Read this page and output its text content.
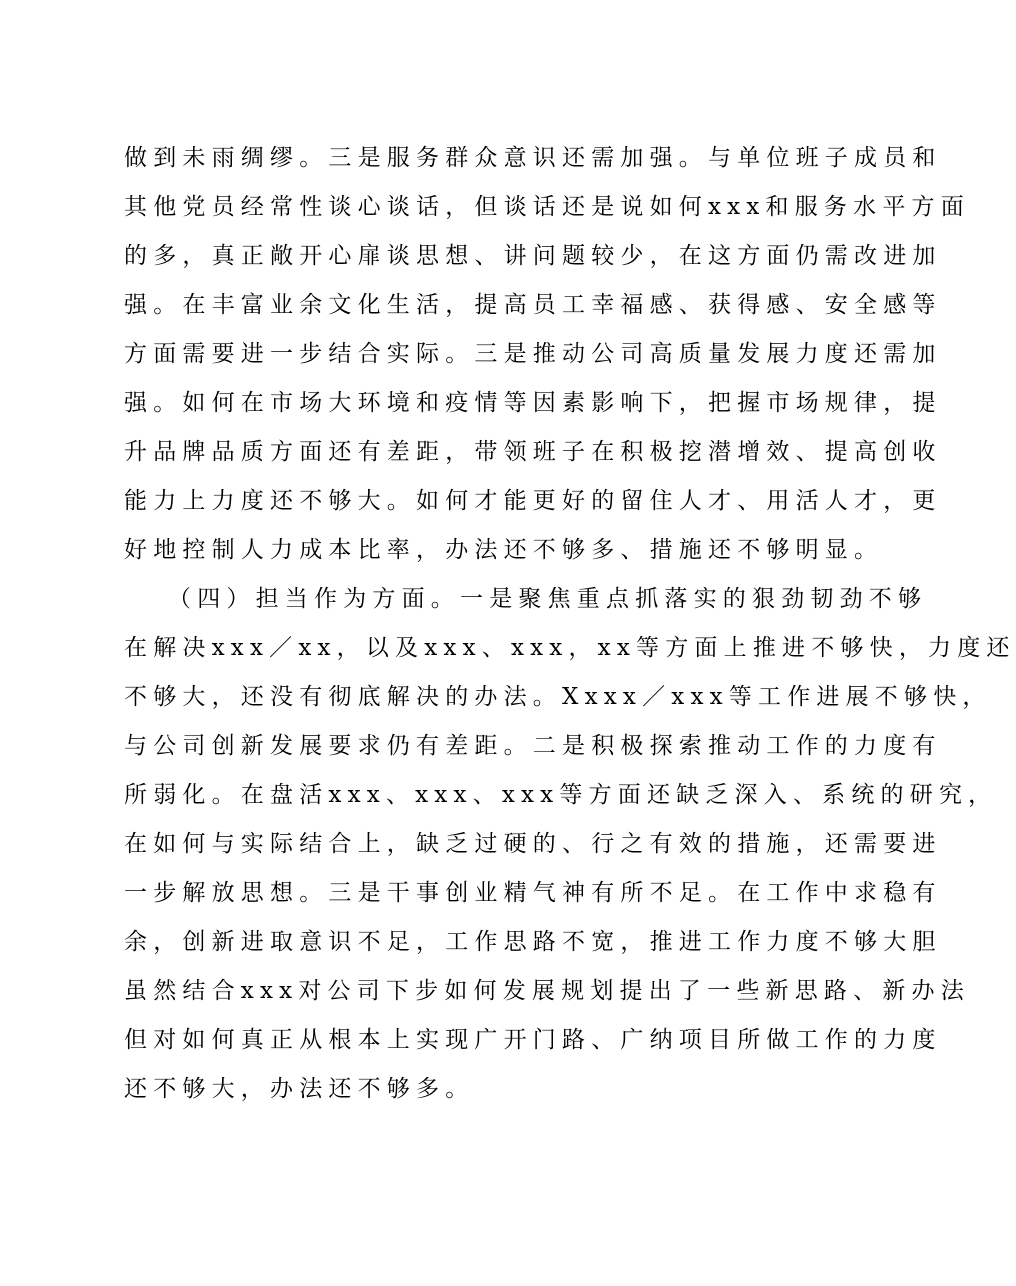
做到未雨绸缪。三是服务群众意识还需加强。与单位班子成员和
其他党员经常性谈心谈话，但谈话还是说如何xxx和服务水平方面
的多，真正敞开心扉谈思想、讲问题较少，在这方面仍需改进加
强。在丰富业余文化生活，提高员工幸福感、获得感、安全感等
方面需要进一步结合实际。三是推动公司高质量发展力度还需加
强。如何在市场大环境和疫情等因素影响下，把握市场规律，提
升品牌品质方面还有差距，带领班子在积极挖潜增效、提高创收
能力上力度还不够大。如何才能更好的留住人才、用活人才，更
好地控制人力成本比率，办法还不够多、措施还不够明显。
（四）担当作为方面。一是聚焦重点抓落实的狠劲韧劲不够
在解决xxx／xx，以及xxx、xxx，xx等方面上推进不够快，力度还
不够大，还没有彻底解决的办法。Xxxx／xxx等工作进展不够快，
与公司创新发展要求仍有差距。二是积极探索推动工作的力度有
所弱化。在盘活xxx、xxx、xxx等方面还缺乏深入、系统的研究，
在如何与实际结合上，缺乏过硬的、行之有效的措施，还需要进
一步解放思想。三是干事创业精气神有所不足。在工作中求稳有
余，创新进取意识不足，工作思路不宽，推进工作力度不够大胆
虽然结合xxx对公司下步如何发展规划提出了一些新思路、新办法
但对如何真正从根本上实现广开门路、广纳项目所做工作的力度
还不够大，办法还不够多。
